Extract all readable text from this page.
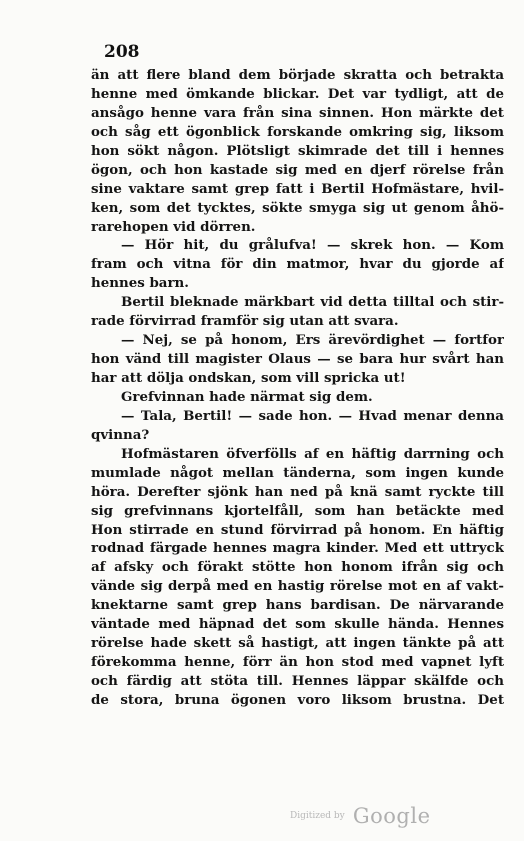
208
än att flere bland dem började skratta och betrakta
henne med ömkande blickar. Det var tydligt, att de
ansågo henne vara från sina sinnen. Hon märkte det
och såg ett ögonblick forskande omkring sig, liksom
hon sökt någon. Plötsligt skimrade det till i hennes
ögon, och hon kastade sig med en djerf rörelse från
sine vaktare samt grep fatt i Bertil Hofmästare, hvil-
ken, som det tycktes, sökte smyga sig ut genom åhö-
rarehopen vid dörren.
— Hör hit, du grålufva! — skrek hon. — Kom
fram och vitna för din matmor, hvar du gjorde af
hennes barn.
Bertil bleknade märkbart vid detta tilltal och stir-
rade förvirrad framför sig utan att svara.
— Nej, se på honom, Ers ärevördighet — fortfor
hon vänd till magister Olaus — se bara hur svårt han
har att dölja ondskan, som vill spricka ut!
Grefvinnan hade närmat sig dem.
— Tala, Bertil! — sade hon. — Hvad menar denna
qvinna?
Hofmästaren öfverfölls af en häftig darrning och
mumlade något mellan tänderna, som ingen kunde
höra. Derefter sjönk han ned på knä samt ryckte till
sig grefvinnans kjortelfåll, som han betäckte med
Hon stirrade en stund förvirrad på honom. En häftig
rodnad färgade hennes magra kinder. Med ett uttryck
af afsky och förakt stötte hon honom ifrån sig och
vände sig derpå med en hastig rörelse mot en af vakt-
knektarne samt grep hans bardisan. De närvarande
väntade med häpnad det som skulle hända. Hennes
rörelse hade skett så hastigt, att ingen tänkte på att
förekomma henne, förr än hon stod med vapnet lyft
och färdig att stöta till. Hennes läppar skälfde och
de stora, bruna ögonen voro liksom brustna. Det
Digitized by Google
